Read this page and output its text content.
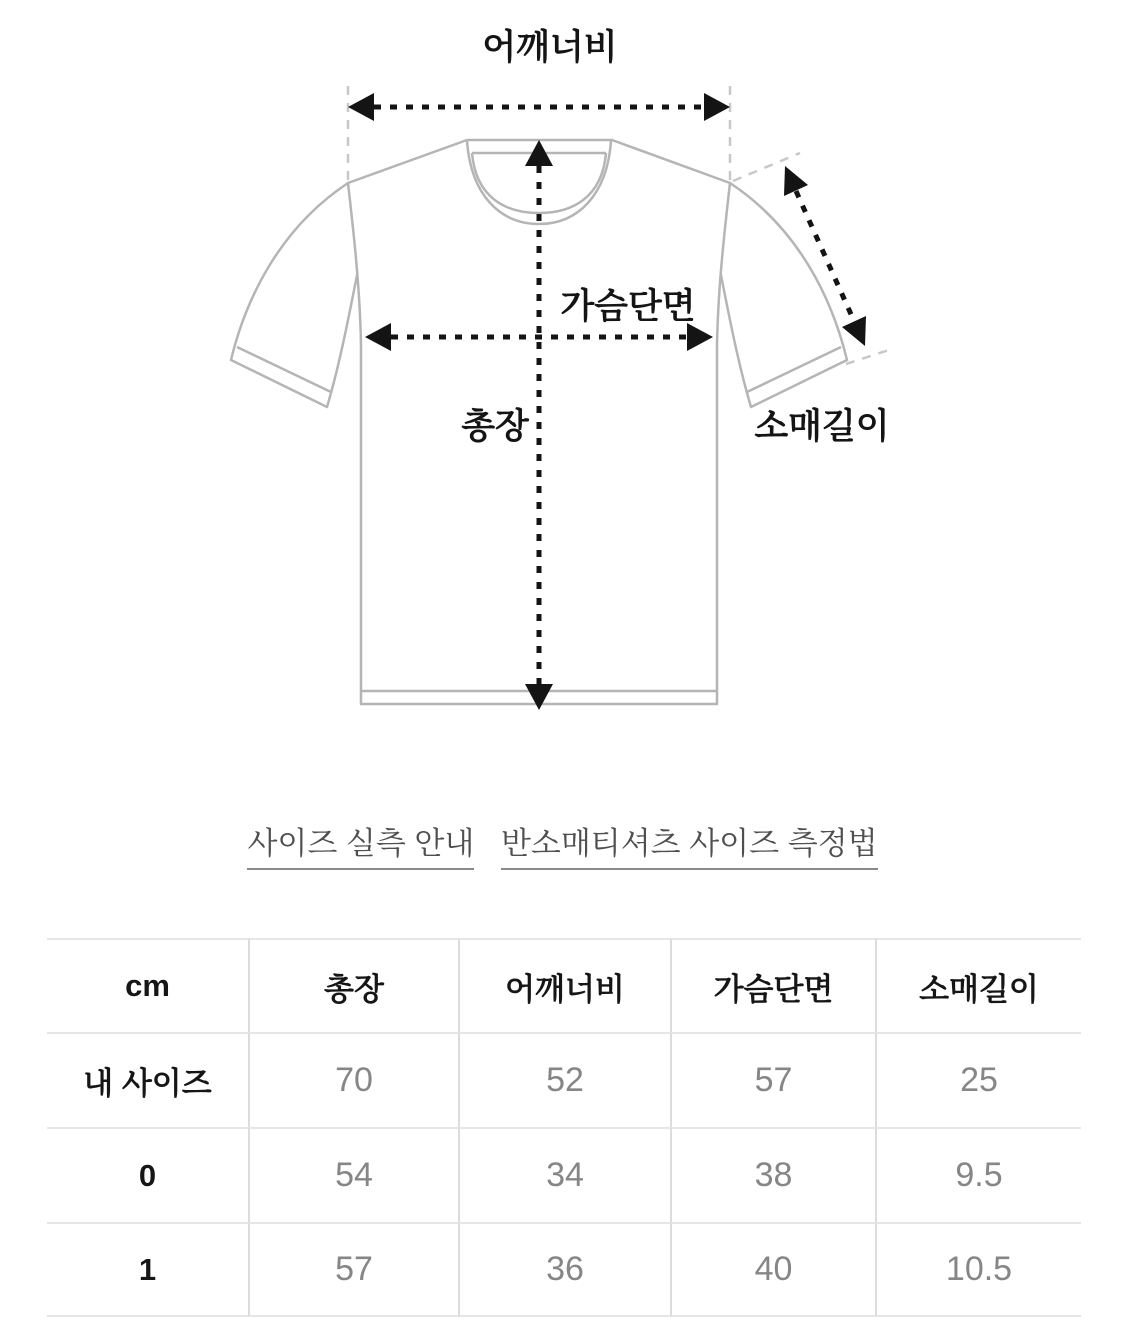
어깨너비
가슴단면
총장	소매길이
사이즈 실측 안내 반소매티셔츠 사이즈 측정법
cm	총장	어깨너비	가슴단면	소매길이
내 사이즈	70	52	57	25
0	54	34	38	9.5
1	57	36	40	10.5
